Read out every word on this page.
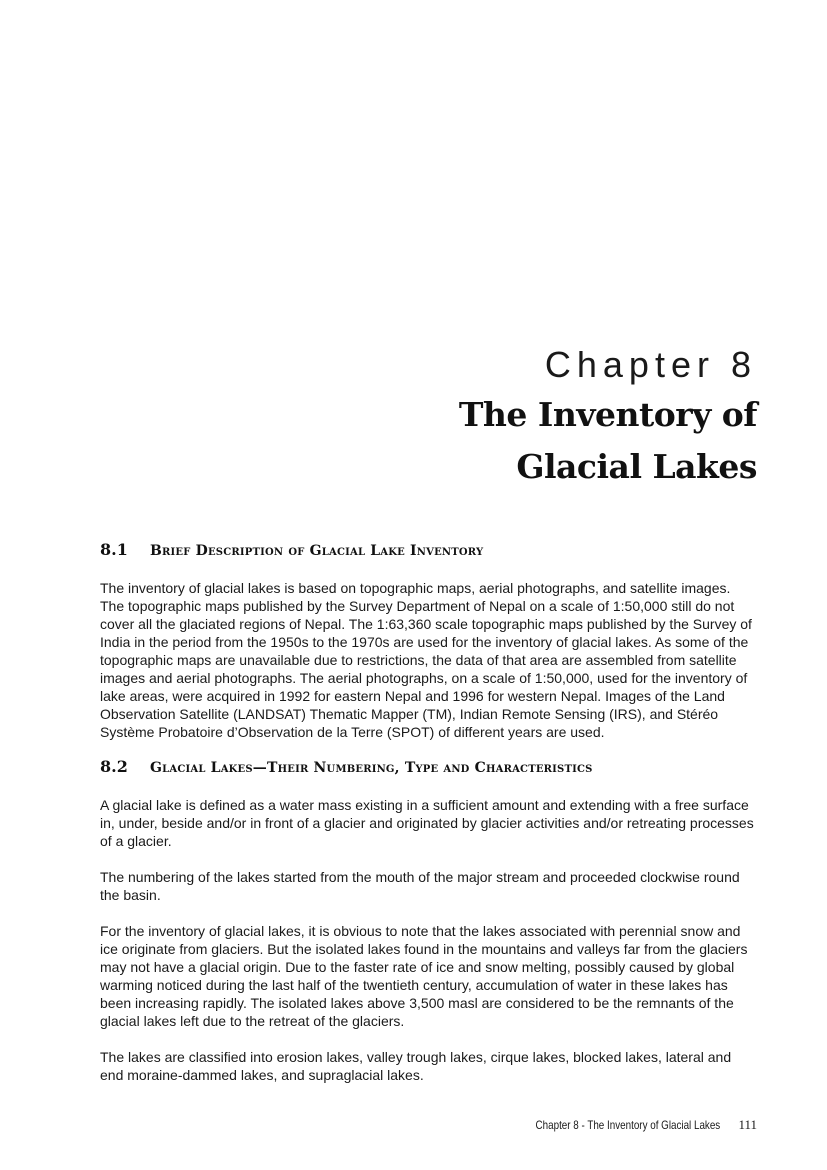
Chapter 8

The Inventory of
Glacial Lakes
8.1	Brief Description of Glacial Lake Inventory

The inventory of glacial lakes is based on topographic maps, aerial photographs, and satellite images. The topographic maps published by the Survey Department of Nepal on a scale of 1:50,000 still do not cover all the glaciated regions of Nepal. The 1:63,360 scale topographic maps published by the Survey of India in the period from the 1950s to the 1970s are used for the inventory of glacial lakes. As some of the topographic maps are unavailable due to restrictions, the data of that area are assembled from satellite images and aerial photographs. The aerial photographs, on a scale of 1:50,000, used for the inventory of lake areas, were acquired in 1992 for eastern Nepal and 1996 for western Nepal. Images of the Land Observation Satellite (LANDSAT) Thematic Mapper (TM), Indian Remote Sensing (IRS), and Stéréo Système Probatoire d’Observation de la Terre (SPOT) of different years are used.

8.2	Glacial Lakes—Their Numbering, Type and Characteristics

A glacial lake is defined as a water mass existing in a sufficient amount and extending with a free surface in, under, beside and/or in front of a glacier and originated by glacier activities and/or retreating processes of a glacier.

The numbering of the lakes started from the mouth of the major stream and proceeded clockwise round the basin.

For the inventory of glacial lakes, it is obvious to note that the lakes associated with perennial snow and ice originate from glaciers. But the isolated lakes found in the mountains and valleys far from the glaciers may not have a glacial origin. Due to the faster rate of ice and snow melting, possibly caused by global warming noticed during the last half of the twentieth century, accumulation of water in these lakes has been increasing rapidly. The isolated lakes above 3,500 masl are considered to be the remnants of the glacial lakes left due to the retreat of the glaciers.

The lakes are classified into erosion lakes, valley trough lakes, cirque lakes, blocked lakes, lateral and end moraine-dammed lakes, and supraglacial lakes.

Chapter 8 - The Inventory of Glacial Lakes 111
